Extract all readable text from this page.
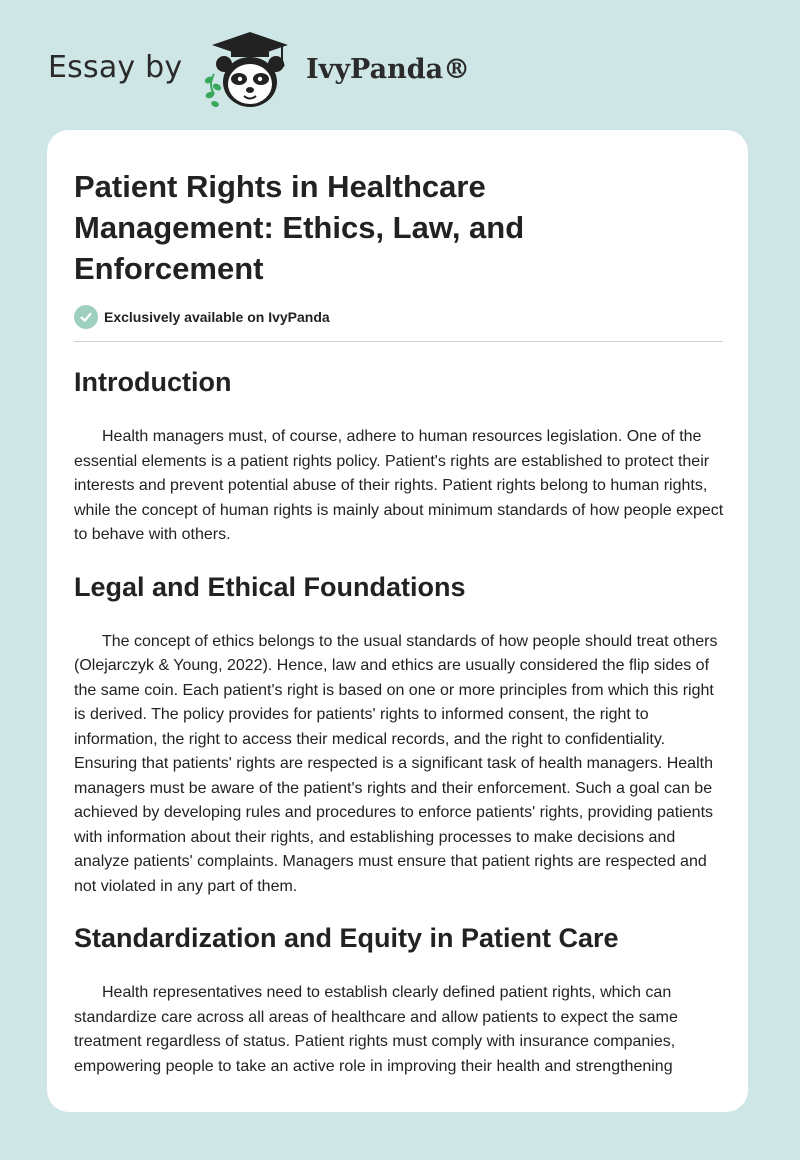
Essay by	IvyPanda®
Patient Rights in Healthcare Management: Ethics, Law, and Enforcement
Exclusively available on IvyPanda
Introduction

Health managers must, of course, adhere to human resources legislation. One of the essential elements is a patient rights policy. Patient's rights are established to protect their interests and prevent potential abuse of their rights. Patient rights belong to human rights, while the concept of human rights is mainly about minimum standards of how people expect to behave with others.

Legal and Ethical Foundations

The concept of ethics belongs to the usual standards of how people should treat others (Olejarczyk & Young, 2022). Hence, law and ethics are usually considered the flip sides of the same coin. Each patient's right is based on one or more principles from which this right is derived. The policy provides for patients' rights to informed consent, the right to information, the right to access their medical records, and the right to confidentiality. Ensuring that patients' rights are respected is a significant task of health managers. Health managers must be aware of the patient's rights and their enforcement. Such a goal can be achieved by developing rules and procedures to enforce patients' rights, providing patients with information about their rights, and establishing processes to make decisions and analyze patients' complaints. Managers must ensure that patient rights are respected and not violated in any part of them.

Standardization and Equity in Patient Care

Health representatives need to establish clearly defined patient rights, which can standardize care across all areas of healthcare and allow patients to expect the same treatment regardless of status. Patient rights must comply with insurance companies, empowering people to take an active role in improving their health and strengthening
